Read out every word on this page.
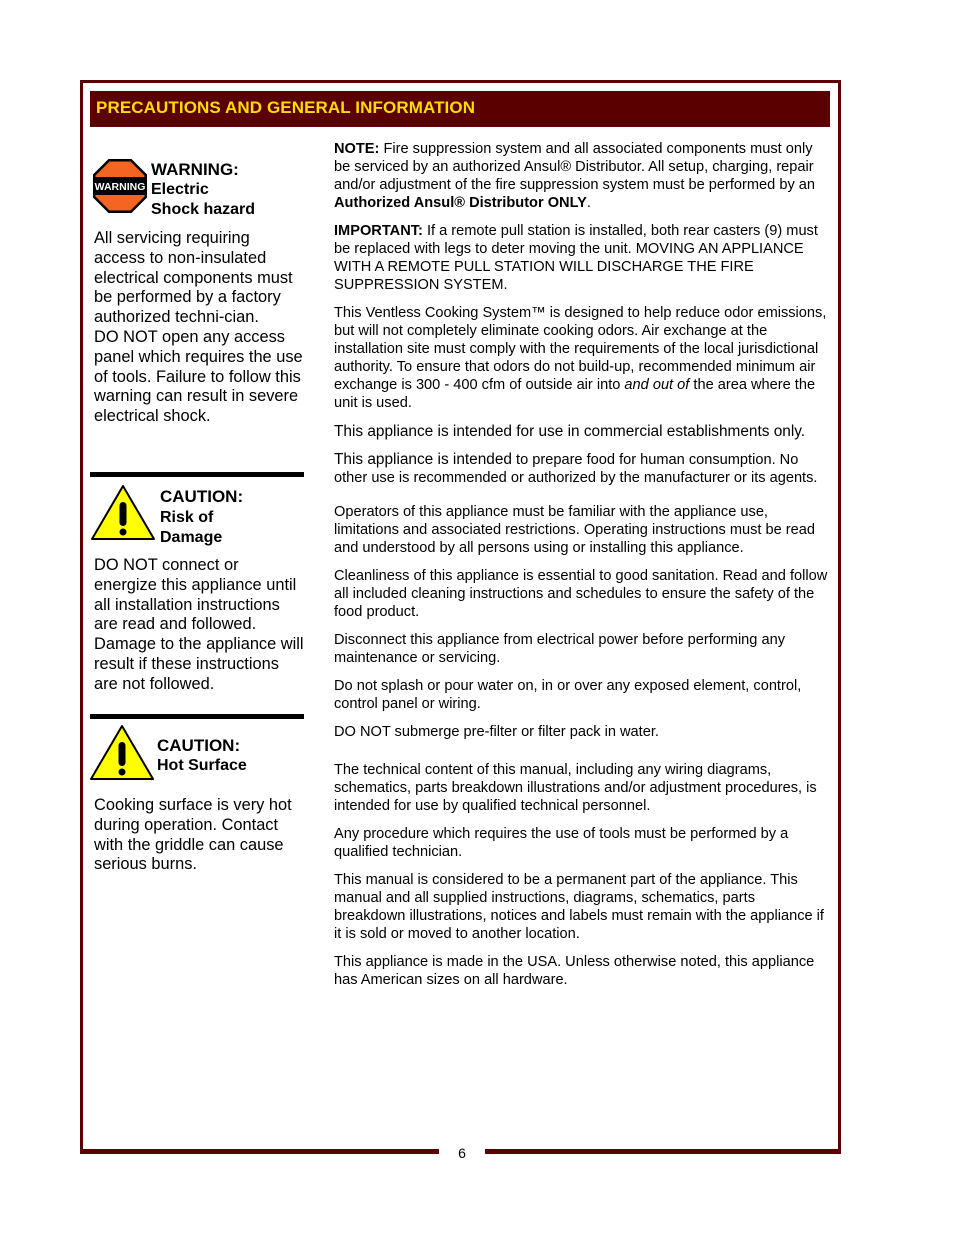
6
PRECAUTIONS AND GENERAL INFORMATION
WARNING
WARNING:
Electric
Shock hazard
All servicing requiring access to non-insulated electrical components must be performed by a factory authorized techni-cian.
DO NOT open any access panel which requires the use of tools. Failure to follow this warning can result in severe electrical shock.
CAUTION:
Risk of
Damage
DO NOT connect or energize this appliance until all installation instructions are read and followed. Damage to the appliance will result if these instructions are not followed.
CAUTION:
Hot Surface
Cooking surface is very hot during operation. Contact with the griddle can cause serious burns.

NOTE: Fire suppression system and all associated components must only be serviced by an authorized Ansul® Distributor. All setup, charging, repair and/or adjustment of the fire suppression system must be performed by an Authorized Ansul® Distributor ONLY.

IMPORTANT: If a remote pull station is installed, both rear casters (9) must be replaced with legs to deter moving the unit. MOVING AN APPLIANCE WITH A REMOTE PULL STATION WILL DISCHARGE THE FIRE SUPPRESSION SYSTEM.

This Ventless Cooking System™ is designed to help reduce odor emissions, but will not completely eliminate cooking odors. Air exchange at the installation site must comply with the requirements of the local jurisdictional authority. To ensure that odors do not build-up, recommended minimum air exchange is 300 - 400 cfm of outside air into and out of the area where the unit is used.

This appliance is intended for use in commercial establishments only.

This appliance is intended to prepare food for human consumption. No other use is recommended or authorized by the manufacturer or its agents.

Operators of this appliance must be familiar with the appliance use, limitations and associated restrictions. Operating instructions must be read and understood by all persons using or installing this appliance.

Cleanliness of this appliance is essential to good sanitation. Read and follow all included cleaning instructions and schedules to ensure the safety of the food product.

Disconnect this appliance from electrical power before performing any maintenance or servicing.

Do not splash or pour water on, in or over any exposed element, control, control panel or wiring.

DO NOT submerge pre-filter or filter pack in water.

The technical content of this manual, including any wiring diagrams, schematics, parts breakdown illustrations and/or adjustment procedures, is intended for use by qualified technical personnel.

Any procedure which requires the use of tools must be performed by a qualified technician.

This manual is considered to be a permanent part of the appliance. This manual and all supplied instructions, diagrams, schematics, parts breakdown illustrations, notices and labels must remain with the appliance if it is sold or moved to another location.

This appliance is made in the USA. Unless otherwise noted, this appliance has American sizes on all hardware.
